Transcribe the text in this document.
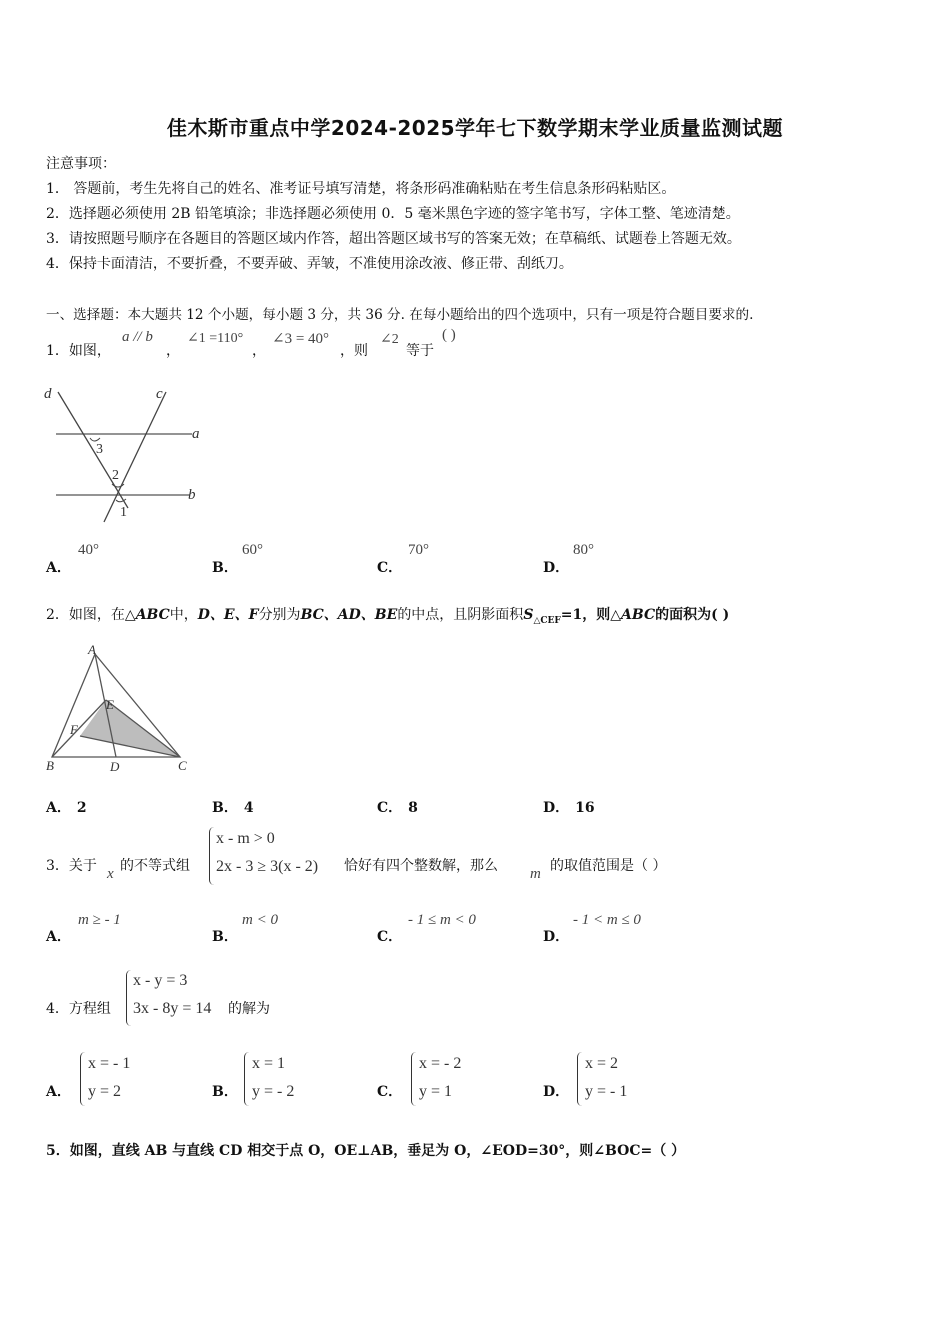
佳木斯市重点中学2024-2025学年七下数学期末学业质量监测试题
注意事项：
1． 答题前，考生先将自己的姓名、准考证号填写清楚，将条形码准确粘贴在考生信息条形码粘贴区。
2．选择题必须使用 2B 铅笔填涂；非选择题必须使用 0．5 毫米黑色字迹的签字笔书写，字体工整、笔迹清楚。
3．请按照题号顺序在各题目的答题区域内作答，超出答题区域书写的答案无效；在草稿纸、试题卷上答题无效。
4．保持卡面清洁，不要折叠，不要弄破、弄皱，不准使用涂改液、修正带、刮纸刀。
一、选择题：本大题共 12 个小题，每小题 3 分，共 36 分. 在每小题给出的四个选项中，只有一项是符合题目要求的.
1．如图，
a // b
，
∠1 =110°
，
∠3 = 40°
，则
∠2
等于
( )
d	c
a
b
3
2
1
A．
40°
B．
60°
C．
70°
D．
80°
2．如图，在△ABC中，D、E、F分别为BC、AD、BE的中点，且阴影面积$S_{\triangle CEF}=1$，则△ABC的面积为( )
A
B	C
D
E
F
A． 2	B． 4	C． 8	D． 16
3．关于 x 的不等式组
x - m > 0
2x - 3 ≥ 3(x - 2) 恰好有四个整数解，那么 m 的取值范围是（ ）
A．
m ≥ - 1
B．
m < 0
C．
- 1 ≤ m < 0
D．
- 1 < m ≤ 0
4．方程组
x - y = 3
3x - 8y = 14 的解为
A．
x = - 1
y = 2	B．
x = 1
y = - 2	C．
x = - 2
y = 1	D．
x = 2
y = - 1
5．如图，直线 AB 与直线 CD 相交于点 O，OE⊥AB，垂足为 O，∠EOD=30°，则∠BOC=（ ）
